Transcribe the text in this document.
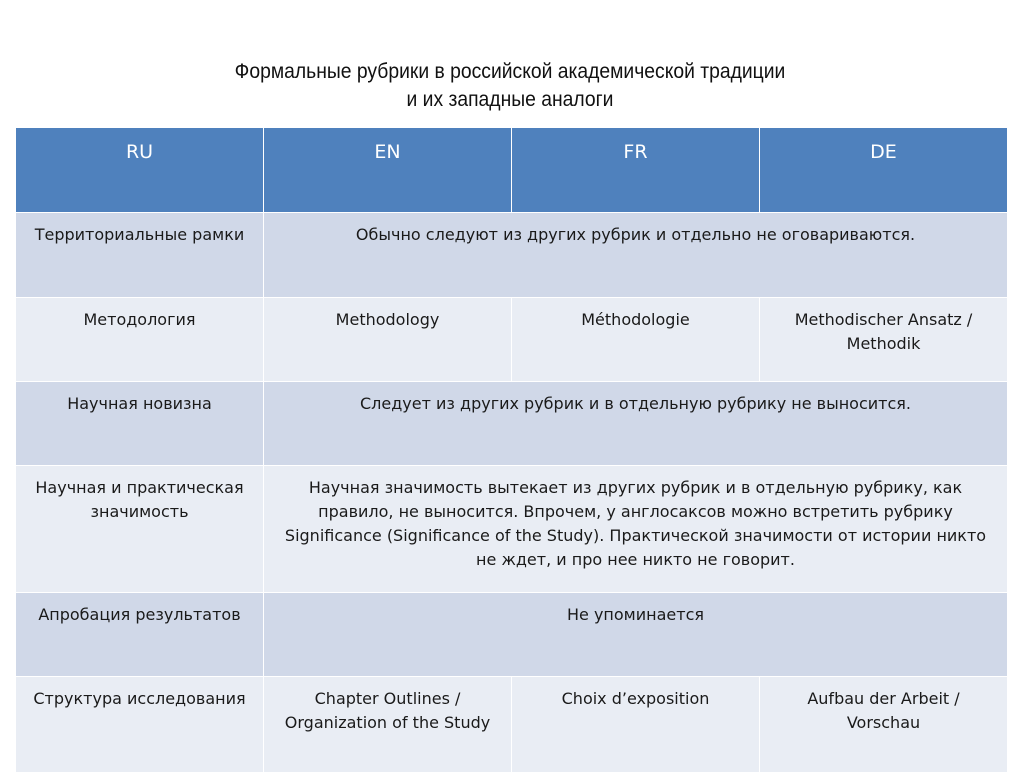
Формальные рубрики в российской академической традиции
и их западные аналоги
RU	EN	FR	DE
Территориальные рамки	Обычно следуют из других рубрик и отдельно не оговариваются.		
Методология	Methodology	Méthodologie	Methodischer Ansatz / Methodik
Научная новизна	Следует из других рубрик и в отдельную рубрику не выносится.		
Научная и практическая значимость	Научная значимость вытекает из других рубрик и в отдельную рубрику, как правило, не выносится. Впрочем, у англосаксов можно встретить рубрику Significance (Significance of the Study). Практической значимости от истории никто не ждет, и про нее никто не говорит.		
Апробация результатов	Не упоминается		
Структура исследования	Chapter Outlines / Organization of the Study	Choix d’exposition	Aufbau der Arbeit / Vorschau
